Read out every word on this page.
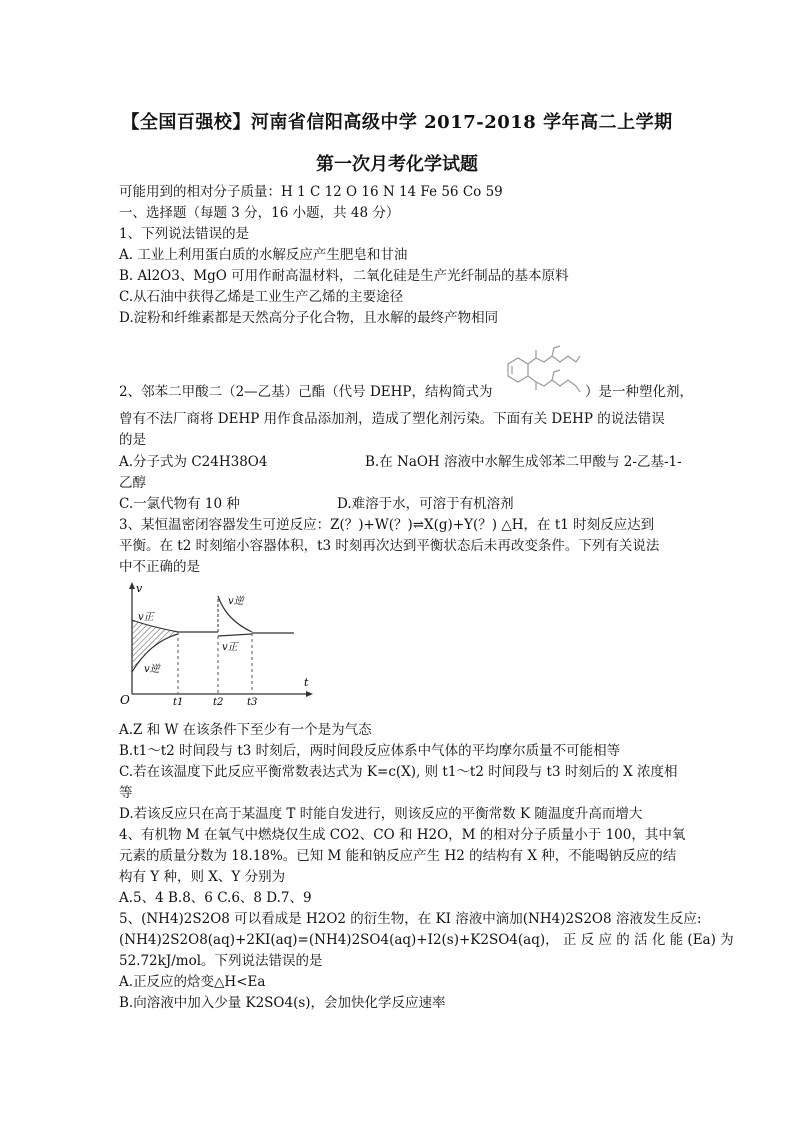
【全国百强校】河南省信阳高级中学 2017-2018 学年高二上学期
第一次月考化学试题
可能用到的相对分子质量：H 1 C 12 O 16 N 14 Fe 56 Co 59
一、选择题（每题 3 分，16 小题，共 48 分）
1、下列说法错误的是
A. 工业上利用蛋白质的水解反应产生肥皂和甘油
B. Al2O3、MgO 可用作耐高温材料，二氧化硅是生产光纤制品的基本原料
C.从石油中获得乙烯是工业生产乙烯的主要途径
D.淀粉和纤维素都是天然高分子化合物，且水解的最终产物相同
2、邻苯二甲酸二（2—乙基）己酯（代号 DEHP，结构简式为	）是一种塑化剂，
曾有不法厂商将 DEHP 用作食品添加剂，造成了塑化剂污染。下面有关 DEHP 的说法错误
的是
A.分子式为 C24H38O4	B.在 NaOH 溶液中水解生成邻苯二甲酸与 2-乙基-1-
乙醇
C.一氯代物有 10 种	D.难溶于水，可溶于有机溶剂
3、某恒温密闭容器发生可逆反应：Z(？)+W(？)⇌X(g)+Y(？) △H，在 t1 时刻反应达到
平衡。在 t2 时刻缩小容器体积，t3 时刻再次达到平衡状态后未再改变条件。下列有关说法
中不正确的是
v
t
O
v正
v逆
v逆
v正
t1	t2 t3
A.Z 和 W 在该条件下至少有一个是为气态
B.t1～t2 时间段与 t3 时刻后，两时间段反应体系中气体的平均摩尔质量不可能相等
C.若在该温度下此反应平衡常数表达式为 K=c(X), 则 t1～t2 时间段与 t3 时刻后的 X 浓度相
等
D.若该反应只在高于某温度 T 时能自发进行，则该反应的平衡常数 K 随温度升高而增大
4、有机物 M 在氧气中燃烧仅生成 CO2、CO 和 H2O，M 的相对分子质量小于 100，其中氧
元素的质量分数为 18.18%。已知 M 能和钠反应产生 H2 的结构有 X 种，不能喝钠反应的结
构有 Y 种，则 X、Y 分别为
A.5、4 B.8、6 C.6、8 D.7、9
5、(NH4)2S2O8 可以看成是 H2O2 的衍生物，在 KI 溶液中滴加(NH4)2S2O8 溶液发生反应:
(NH4)2S2O8(aq)+2KI(aq)=(NH4)2SO4(aq)+I2(s)+K2SO4(aq)， 正 反 应 的 活 化 能 (Ea) 为
52.72kJ/mol。下列说法错误的是
A.正反应的焓变△H<Ea
B.向溶液中加入少量 K2SO4(s)，会加快化学反应速率
